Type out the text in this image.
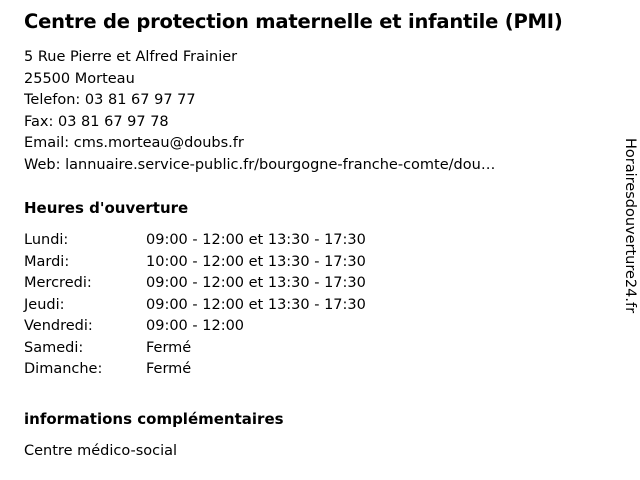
Centre de protection maternelle et infantile (PMI)
5 Rue Pierre et Alfred Frainier
25500 Morteau
Telefon: 03 81 67 97 77
Fax: 03 81 67 97 78
Email: cms.morteau@doubs.fr
Web: lannuaire.service-public.fr/bourgogne-franche-comte/dou…
Heures d'ouverture
Lundi:	09:00 - 12:00 et 13:30 - 17:30
Mardi:	10:00 - 12:00 et 13:30 - 17:30
Mercredi:	09:00 - 12:00 et 13:30 - 17:30
Jeudi:	09:00 - 12:00 et 13:30 - 17:30
Vendredi:	09:00 - 12:00
Samedi:	Fermé
Dimanche:	Fermé
informations complémentaires
Centre médico-social
Horairesdouverture24.fr
